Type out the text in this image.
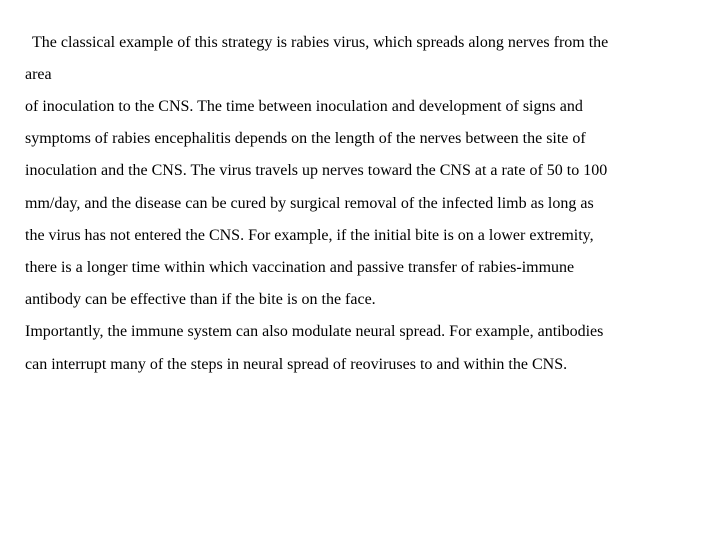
The classical example of this strategy is rabies virus, which spreads along nerves from the

area

of inoculation to the CNS. The time between inoculation and development of signs and

symptoms of rabies encephalitis depends on the length of the nerves between the site of

inoculation and the CNS. The virus travels up nerves toward the CNS at a rate of 50 to 100

mm/day, and the disease can be cured by surgical removal of the infected limb as long as

the virus has not entered the CNS. For example, if the initial bite is on a lower extremity,

there is a longer time within which vaccination and passive transfer of rabies-immune

antibody can be effective than if the bite is on the face.

Importantly, the immune system can also modulate neural spread. For example, antibodies

can interrupt many of the steps in neural spread of reoviruses to and within the CNS.
